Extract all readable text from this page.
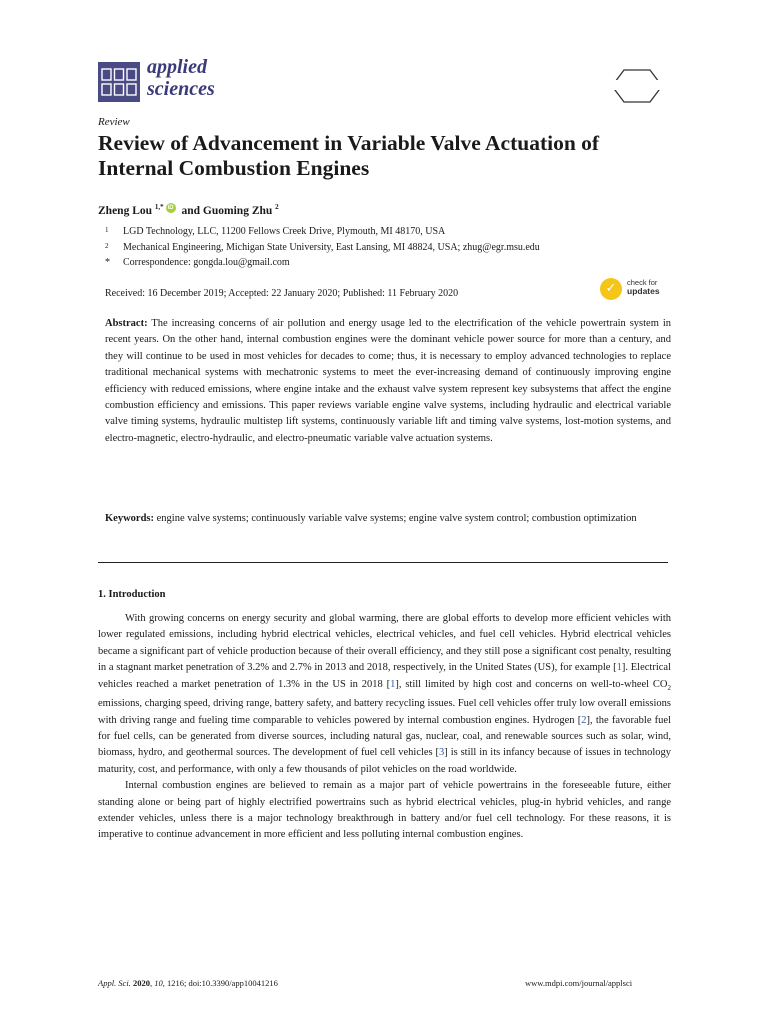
applied
sciences
Review
Review of Advancement in Variable Valve Actuation of Internal Combustion Engines
Zheng Lou $^{1,*}$ iD and Guoming Zhu $^2$
1 LGD Technology, LLC, 11200 Fellows Creek Drive, Plymouth, MI 48170, USA
2 Mechanical Engineering, Michigan State University, East Lansing, MI 48824, USA; zhug@egr.msu.edu
* Correspondence: gongda.lou@gmail.com
Received: 16 December 2019; Accepted: 22 January 2020; Published: 11 February 2020	✓	check for
updates
Abstract: The increasing concerns of air pollution and energy usage led to the electrification of the vehicle powertrain system in recent years. On the other hand, internal combustion engines were the dominant vehicle power source for more than a century, and they will continue to be used in most vehicles for decades to come; thus, it is necessary to employ advanced technologies to replace traditional mechanical systems with mechatronic systems to meet the ever-increasing demand of continuously improving engine efficiency with reduced emissions, where engine intake and the exhaust valve system represent key subsystems that affect the engine combustion efficiency and emissions. This paper reviews variable engine valve systems, including hydraulic and electrical variable valve timing systems, hydraulic multistep lift systems, continuously variable lift and timing valve systems, lost-motion systems, and electro-magnetic, electro-hydraulic, and electro-pneumatic variable valve actuation systems.
Keywords: engine valve systems; continuously variable valve systems; engine valve system control; combustion optimization
1. Introduction

With growing concerns on energy security and global warming, there are global efforts to develop more efficient vehicles with lower regulated emissions, including hybrid electrical vehicles, electrical vehicles, and fuel cell vehicles. Hybrid electrical vehicles became a significant part of vehicle production because of their overall efficiency, and they still pose a significant cost penalty, resulting in a stagnant market penetration of 3.2% and 2.7% in 2013 and 2018, respectively, in the United States (US), for example [1]. Electrical vehicles reached a market penetration of 1.3% in the US in 2018 [1], still limited by high cost and concerns on well-to-wheel $CO_2$ emissions, charging speed, driving range, battery safety, and battery recycling issues. Fuel cell vehicles offer truly low overall emissions with driving range and fueling time comparable to vehicles powered by internal combustion engines. Hydrogen [2], the favorable fuel for fuel cells, can be generated from diverse sources, including natural gas, nuclear, coal, and renewable sources such as solar, wind, biomass, hydro, and geothermal sources. The development of fuel cell vehicles [3] is still in its infancy because of issues in technology maturity, cost, and performance, with only a few thousands of pilot vehicles on the road worldwide.

Internal combustion engines are believed to remain as a major part of vehicle powertrains in the foreseeable future, either standing alone or being part of highly electrified powertrains such as hybrid electrical vehicles, plug-in hybrid vehicles, and range extender vehicles, unless there is a major technology breakthrough in battery and/or fuel cell technology. For these reasons, it is imperative to continue advancement in more efficient and less polluting internal combustion engines.

Appl. Sci. 2020, 10, 1216; doi:10.3390/app10041216	www.mdpi.com/journal/applsci
